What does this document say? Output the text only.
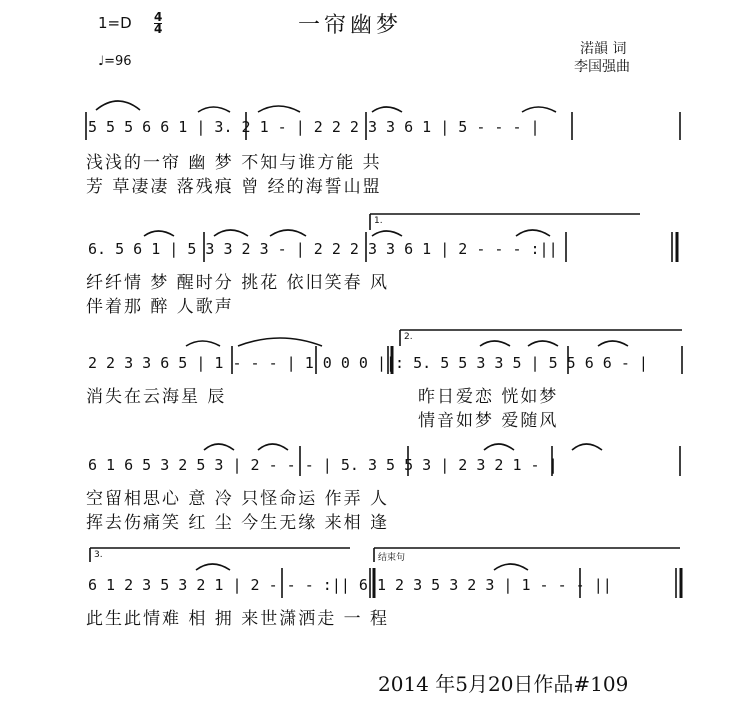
1=D 4
4	一帘幽梦
♩=96
渃韻 词
李国强曲
1.
2.
3.	结束句
5 5 5 6 6 1 | 3. 2 1 - | 2 2 2 3 3 6 1 | 5 - - - |
浅浅的一帘 幽 梦 不知与谁方能 共
芳 草凄凄 落残痕 曾 经的海誓山盟
6. 5 6 1 | 5 3 3 2 3 - | 2 2 2 3 3 6 1 | 2 - - - :||
纤纤情 梦 醒时分 挑花 依旧笑春 风
伴着那 醉 人歌声
2 2 3 3 6 5 | 1 - - - | 1 0 0 0 ||: 5. 5 5 3 3 5 | 5 5 6 6 - |
消失在云海星 辰	昨日爱恋 恍如梦
情音如梦 爱随风
6 1 6 5 3 2 5 3 | 2 - - - | 5. 3 5 5 3 | 2 3 2 1 - |
空留相思心 意 冷 只怪命运 作弄 人
挥去伤痛笑 红 尘 今生无缘 来相 逢
6 1 2 3 5 3 2 1 | 2 - - - :|| 6 1 2 3 5 3 2 3 | 1 - - - ||
此生此情难 相 拥 来世潇洒走 一 程
2014 年5月20日作品#109
